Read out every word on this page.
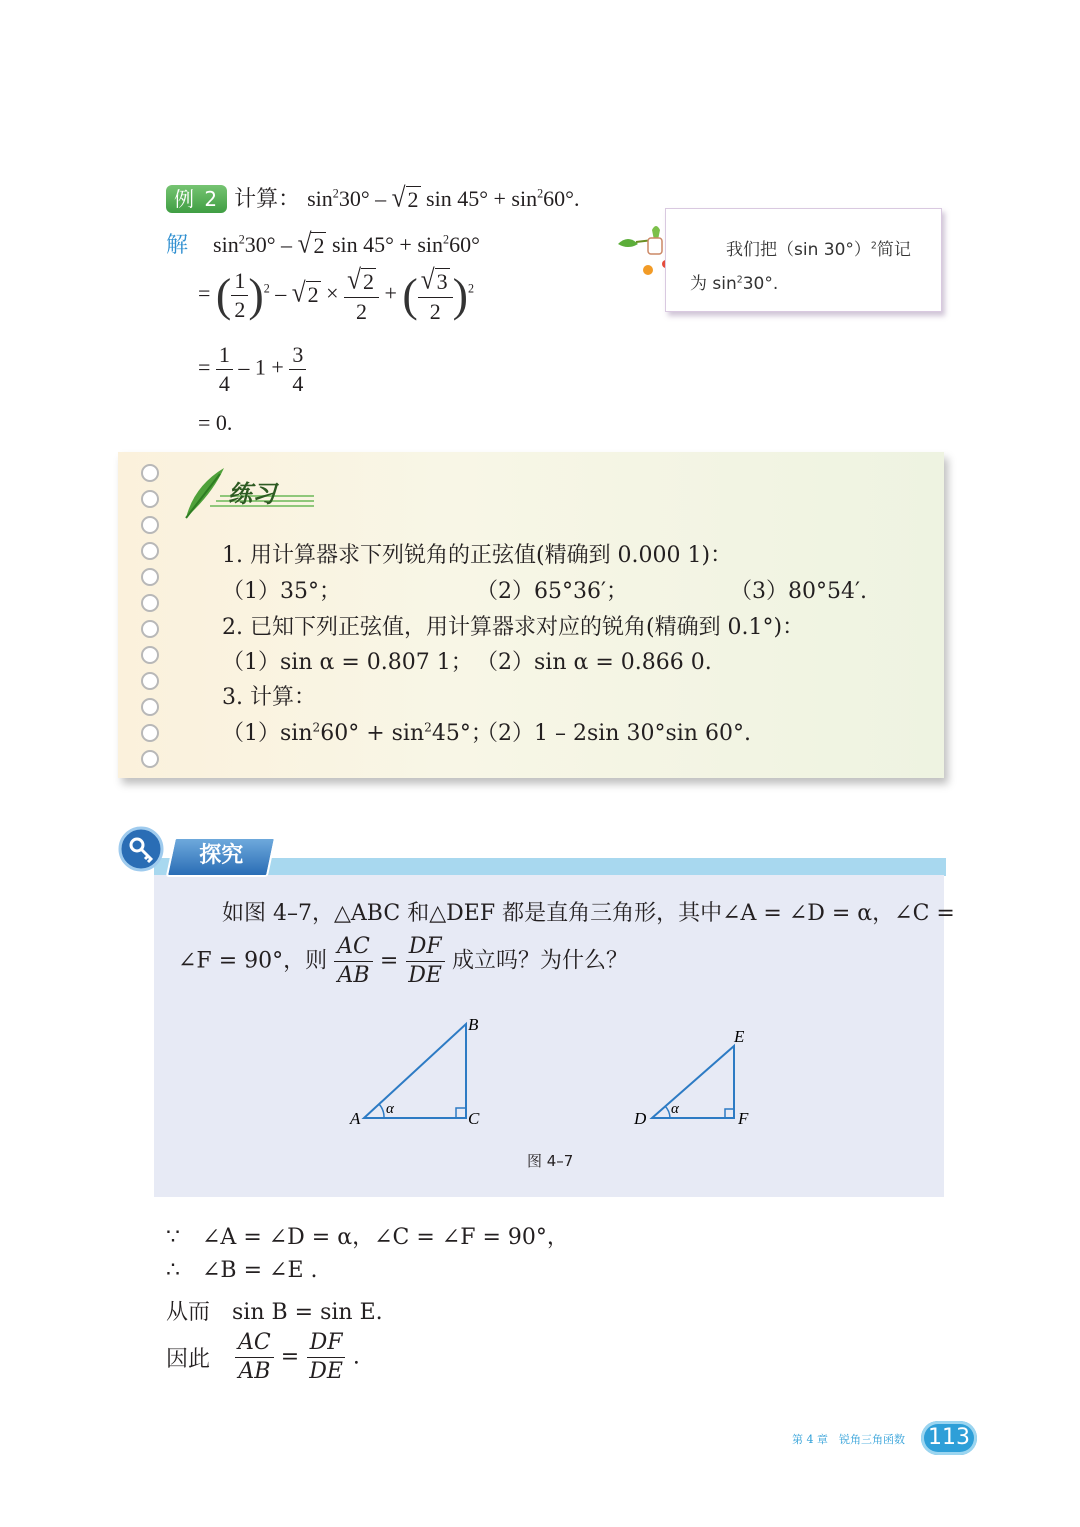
例 2 计算： $\sin^230^\circ$ – √ 2 $\sin 45^\circ + \sin^260^\circ$.
解 $\sin^230^\circ$ – √ 2 $\sin 45^\circ + \sin^260^\circ$
= ( $\frac{1}{2} )^2$ – √ $2 \times \frac{√ 2}{2}$ + ( $\frac{√ 3}{2} )^2$
= $\frac{1}{4} - 1 + \frac{3}{4}$
= 0.
我们把（sin 30°）$^2$简记
为 $\sin^230^\circ$.
练习
1. 用计算器求下列锐角的正弦值(精确到 0.000 1)：
（1）35°；	（2）65°36′；	（3）80°54′.
2. 已知下列正弦值，用计算器求对应的锐角(精确到 0.1°)：
（1）sin α = 0.807 1； （2）sin α = 0.866 0.
3. 计算：
$(1)\sin^260^\circ + \sin^245^\circ$；
（2）1 – 2sin 30°sin 60°.
探究
如图 4–7，△ABC 和△DEF 都是直角三角形，其中∠A = ∠D = α，∠C =
∠F = 90°，则 $\frac{AC}{AB} = \frac{DF}{DE}$ 成立吗？为什么？
A
B
C
α	D
E
F
α
图 4–7
∵ ∠A = ∠D = α，∠C = ∠F = 90°，
∴ ∠B = ∠E .
从而 sin B = sin E.
因此 $\frac{AC}{AB} = \frac{DF}{DE}$ .
第 4 章　锐角三角函数	113
